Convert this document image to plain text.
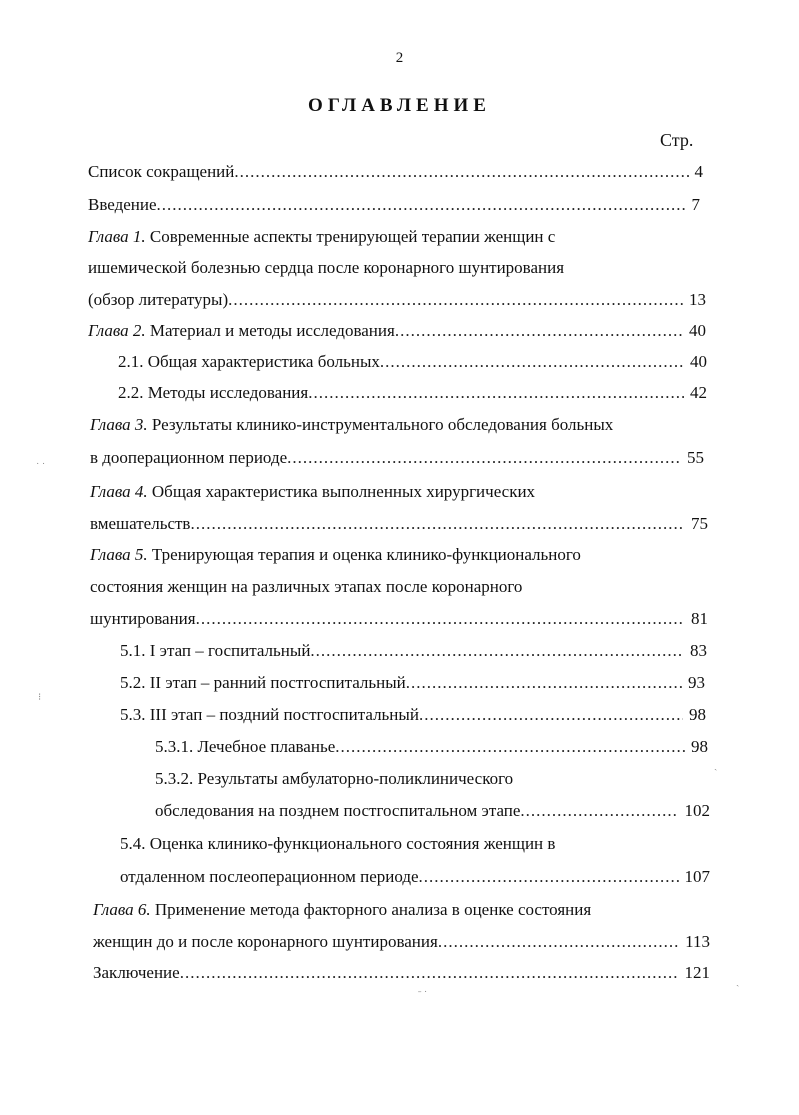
2
ОГЛАВЛЕНИЕ
Стр.
Список сокращений .....	4
Введение .....	7
Глава 1. Современные аспекты тренирующей терапии женщин с
ишемической болезнью сердца после коронарного шунтирования
(обзор литературы) .....	13
Глава 2. Материал и методы исследования .....	40
2.1. Общая характеристика больных .....	40
2.2. Методы исследования .....	42
Глава 3. Результаты клинико-инструментального обследования больных
в дооперационном периоде .....	55
Глава 4. Общая характеристика выполненных хирургических
вмешательств .....	75
Глава 5. Тренирующая терапия и оценка клинико-функционального
состояния женщин на различных этапах после коронарного
шунтирования .....	81
5.1. I этап – госпитальный .....	83
5.2. II этап – ранний постгоспитальный .....	93
5.3. III этап – поздний постгоспитальный .....	98
5.3.1. Лечебное плаванье .....	98
5.3.2. Результаты амбулаторно-поликлинического
обследования на позднем постгоспитальном этапе .....	102
5.4. Оценка клинико-функционального состояния женщин в
отдаленном послеоперационном периоде .....	107
Глава 6. Применение метода факторного анализа в оценке состояния
женщин до и после коронарного шунтирования .....	113
Заключение .....	121
˙ ˙
⁝
ˎ
ˏ
ˉ ˙
